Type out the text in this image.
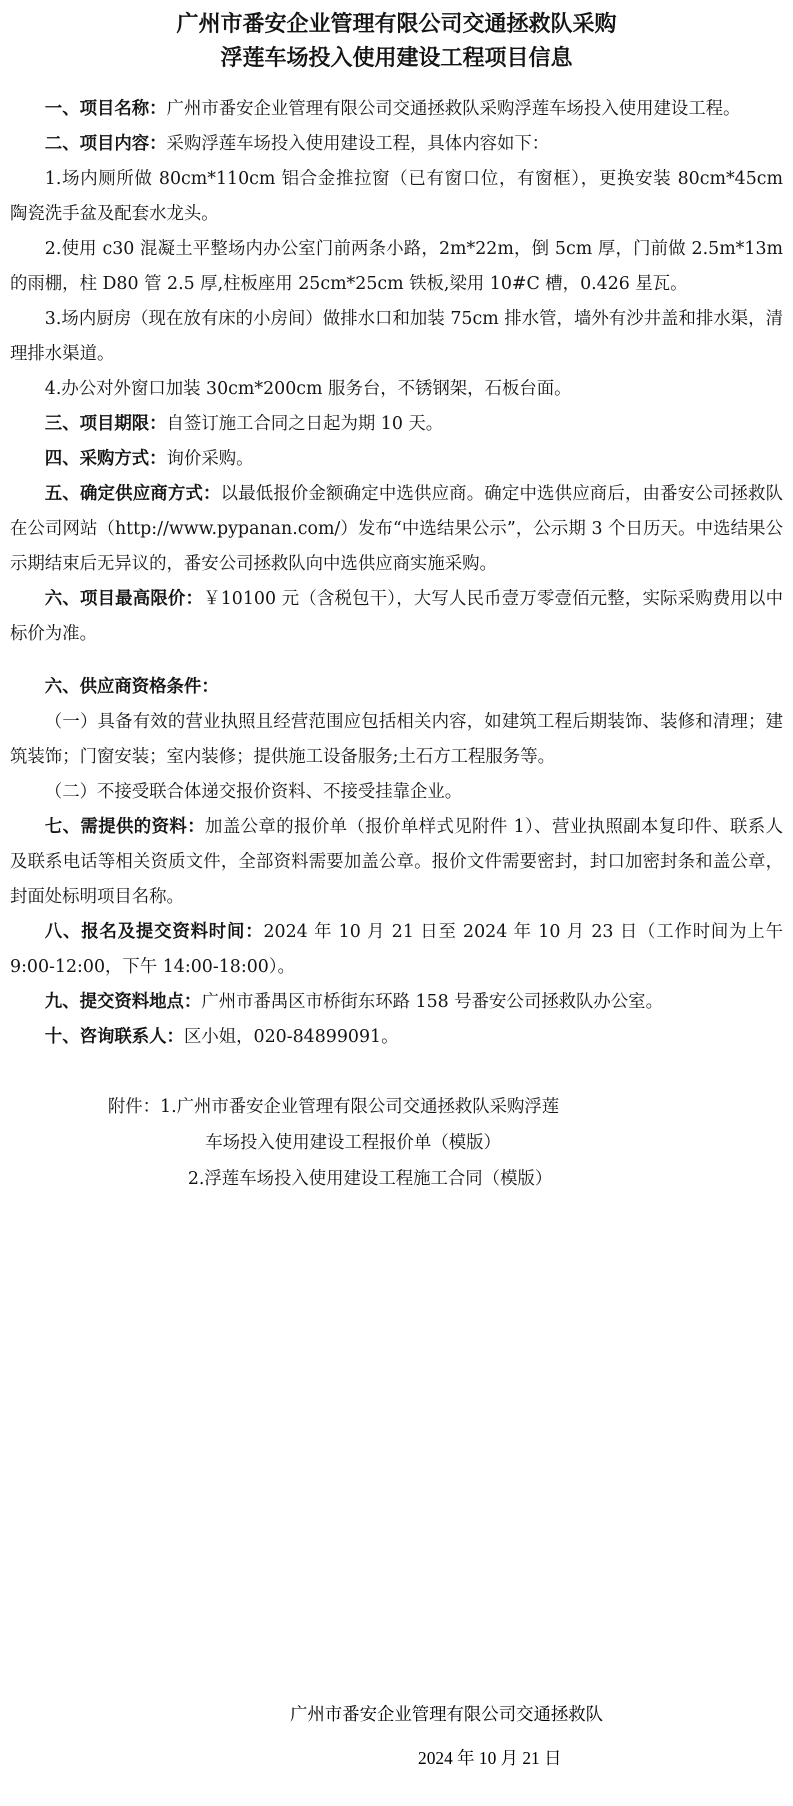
广州市番安企业管理有限公司交通拯救队采购
浮莲车场投入使用建设工程项目信息

一、项目名称：广州市番安企业管理有限公司交通拯救队采购浮莲车场投入使用建设工程。

二、项目内容：采购浮莲车场投入使用建设工程，具体内容如下：

1.场内厕所做 80cm*110cm 铝合金推拉窗（已有窗口位，有窗框），更换安装 80cm*45cm 陶瓷洗手盆及配套水龙头。

2.使用 c30 混凝土平整场内办公室门前两条小路，2m*22m，倒 5cm 厚，门前做 2.5m*13m 的雨棚，柱 D80 管 2.5 厚,柱板座用 25cm*25cm 铁板,梁用 10#C 槽，0.426 星瓦。

3.场内厨房（现在放有床的小房间）做排水口和加装 75cm 排水管，墙外有沙井盖和排水渠，清理排水渠道。

4.办公对外窗口加装 30cm*200cm 服务台，不锈钢架，石板台面。

三、项目期限：自签订施工合同之日起为期 10 天。

四、采购方式：询价采购。

五、确定供应商方式：以最低报价金额确定中选供应商。确定中选供应商后，由番安公司拯救队在公司网站（http://www.pypanan.com/）发布“中选结果公示”，公示期 3 个日历天。中选结果公示期结束后无异议的，番安公司拯救队向中选供应商实施采购。

六、项目最高限价：￥10100 元（含税包干），大写人民币壹万零壹佰元整，实际采购费用以中标价为准。

六、供应商资格条件：

（一）具备有效的营业执照且经营范围应包括相关内容，如建筑工程后期装饰、装修和清理；建筑装饰；门窗安装；室内装修；提供施工设备服务;土石方工程服务等。

（二）不接受联合体递交报价资料、不接受挂靠企业。

七、需提供的资料：加盖公章的报价单（报价单样式见附件 1）、营业执照副本复印件、联系人及联系电话等相关资质文件，全部资料需要加盖公章。报价文件需要密封，封口加密封条和盖公章，封面处标明项目名称。

八、报名及提交资料时间：2024 年 10 月 21 日至 2024 年 10 月 23 日（工作时间为上午 9:00-12:00，下午 14:00-18:00）。

九、提交资料地点：广州市番禺区市桥街东环路 158 号番安公司拯救队办公室。

十、咨询联系人：区小姐，020-84899091。

附件： 1.广州市番安企业管理有限公司交通拯救队采购浮莲
车场投入使用建设工程报价单（模版）
2.浮莲车场投入使用建设工程施工合同（模版）
广州市番安企业管理有限公司交通拯救队
2024 年 10 月 21 日
